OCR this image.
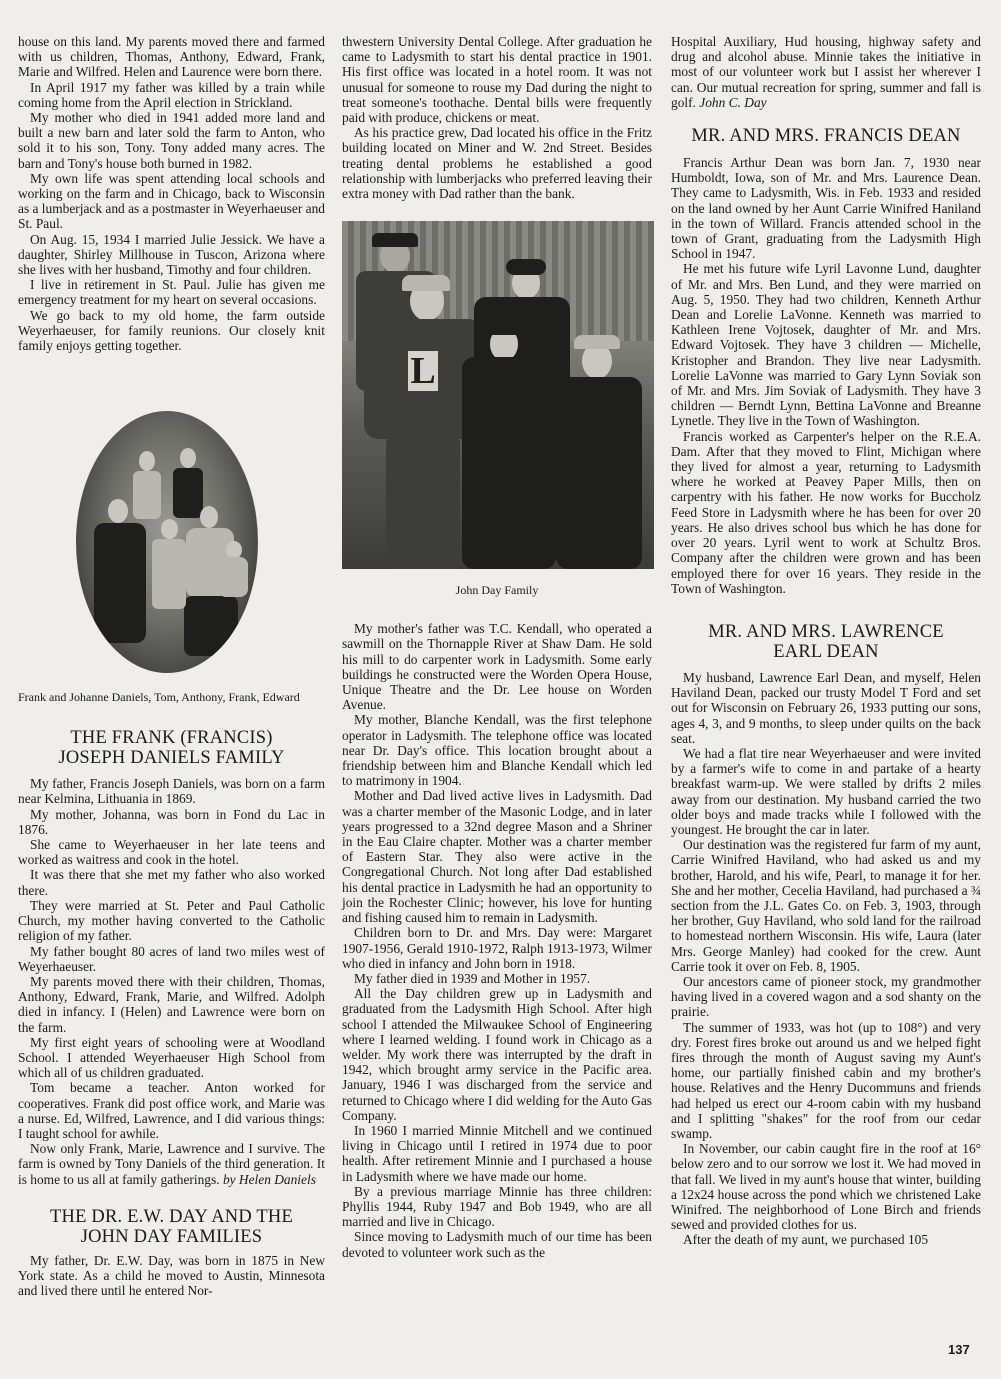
house on this land. My parents moved there and farmed with us children, Thomas, Anthony, Edward, Frank, Marie and Wilfred. Helen and Laurence were born there.

In April 1917 my father was killed by a train while coming home from the April election in Strickland.

My mother who died in 1941 added more land and built a new barn and later sold the farm to Anton, who sold it to his son, Tony. Tony added many acres. The barn and Tony's house both burned in 1982.

My own life was spent attending local schools and working on the farm and in Chicago, back to Wisconsin as a lumberjack and as a postmaster in Weyerhaeuser and St. Paul.

On Aug. 15, 1934 I married Julie Jessick. We have a daughter, Shirley Millhouse in Tuscon, Arizona where she lives with her husband, Timothy and four children.

I live in retirement in St. Paul. Julie has given me emergency treatment for my heart on several occasions.

We go back to my old home, the farm outside Weyerhaeuser, for family reunions. Our closely knit family enjoys getting together.

Frank and Johanne Daniels, Tom, Anthony, Frank, Edward
THE FRANK (FRANCIS)
JOSEPH DANIELS FAMILY

My father, Francis Joseph Daniels, was born on a farm near Kelmina, Lithuania in 1869.

My mother, Johanna, was born in Fond du Lac in 1876.

She came to Weyerhaeuser in her late teens and worked as waitress and cook in the hotel.

It was there that she met my father who also worked there.

They were married at St. Peter and Paul Catholic Church, my mother having converted to the Catholic religion of my father.

My father bought 80 acres of land two miles west of Weyerhaeuser.

My parents moved there with their children, Thomas, Anthony, Edward, Frank, Marie, and Wilfred. Adolph died in infancy. I (Helen) and Lawrence were born on the farm.

My first eight years of schooling were at Woodland School. I attended Weyerhaeuser High School from which all of us children graduated.

Tom became a teacher. Anton worked for cooperatives. Frank did post office work, and Marie was a nurse. Ed, Wilfred, Lawrence, and I did various things: I taught school for awhile.

Now only Frank, Marie, Lawrence and I survive. The farm is owned by Tony Daniels of the third generation. It is home to us all at family gatherings. by Helen Daniels

THE DR. E.W. DAY AND THE
JOHN DAY FAMILIES

My father, Dr. E.W. Day, was born in 1875 in New York state. As a child he moved to Austin, Minnesota and lived there until he entered Nor-

thwestern University Dental College. After graduation he came to Ladysmith to start his dental practice in 1901. His first office was located in a hotel room. It was not unusual for someone to rouse my Dad during the night to treat someone's toothache. Dental bills were frequently paid with produce, chickens or meat.

As his practice grew, Dad located his office in the Fritz building located on Miner and W. 2nd Street. Besides treating dental problems he established a good relationship with lumberjacks who preferred leaving their extra money with Dad rather than the bank.

L
John Day Family

My mother's father was T.C. Kendall, who operated a sawmill on the Thornapple River at Shaw Dam. He sold his mill to do carpenter work in Ladysmith. Some early buildings he constructed were the Worden Opera House, Unique Theatre and the Dr. Lee house on Worden Avenue.

My mother, Blanche Kendall, was the first telephone operator in Ladysmith. The telephone office was located near Dr. Day's office. This location brought about a friendship between him and Blanche Kendall which led to matrimony in 1904.

Mother and Dad lived active lives in Ladysmith. Dad was a charter member of the Masonic Lodge, and in later years progressed to a 32nd degree Mason and a Shriner in the Eau Claire chapter. Mother was a charter member of Eastern Star. They also were active in the Congregational Church. Not long after Dad established his dental practice in Ladysmith he had an opportunity to join the Rochester Clinic; however, his love for hunting and fishing caused him to remain in Ladysmith.

Children born to Dr. and Mrs. Day were: Margaret 1907-1956, Gerald 1910-1972, Ralph 1913-1973, Wilmer who died in infancy and John born in 1918.

My father died in 1939 and Mother in 1957.

All the Day children grew up in Ladysmith and graduated from the Ladysmith High School. After high school I attended the Milwaukee School of Engineering where I learned welding. I found work in Chicago as a welder. My work there was interrupted by the draft in 1942, which brought army service in the Pacific area. January, 1946 I was discharged from the service and returned to Chicago where I did welding for the Auto Gas Company.

In 1960 I married Minnie Mitchell and we continued living in Chicago until I retired in 1974 due to poor health. After retirement Minnie and I purchased a house in Ladysmith where we have made our home.

By a previous marriage Minnie has three children: Phyllis 1944, Ruby 1947 and Bob 1949, who are all married and live in Chicago.

Since moving to Ladysmith much of our time has been devoted to volunteer work such as the

Hospital Auxiliary, Hud housing, highway safety and drug and alcohol abuse. Minnie takes the initiative in most of our volunteer work but I assist her wherever I can. Our mutual recreation for spring, summer and fall is golf. John C. Day

MR. AND MRS. FRANCIS DEAN

Francis Arthur Dean was born Jan. 7, 1930 near Humboldt, Iowa, son of Mr. and Mrs. Laurence Dean. They came to Ladysmith, Wis. in Feb. 1933 and resided on the land owned by her Aunt Carrie Winifred Haniland in the town of Willard. Francis attended school in the town of Grant, graduating from the Ladysmith High School in 1947.

He met his future wife Lyril Lavonne Lund, daughter of Mr. and Mrs. Ben Lund, and they were married on Aug. 5, 1950. They had two children, Kenneth Arthur Dean and Lorelie LaVonne. Kenneth was married to Kathleen Irene Vojtosek, daughter of Mr. and Mrs. Edward Vojtosek. They have 3 children — Michelle, Kristopher and Brandon. They live near Ladysmith. Lorelie LaVonne was married to Gary Lynn Soviak son of Mr. and Mrs. Jim Soviak of Ladysmith. They have 3 children — Berndt Lynn, Bettina LaVonne and Breanne Lynetle. They live in the Town of Washington.

Francis worked as Carpenter's helper on the R.E.A. Dam. After that they moved to Flint, Michigan where they lived for almost a year, returning to Ladysmith where he worked at Peavey Paper Mills, then on carpentry with his father. He now works for Buccholz Feed Store in Ladysmith where he has been for over 20 years. He also drives school bus which he has done for over 20 years. Lyril went to work at Schultz Bros. Company after the children were grown and has been employed there for over 16 years. They reside in the Town of Washington.

MR. AND MRS. LAWRENCE
EARL DEAN

My husband, Lawrence Earl Dean, and myself, Helen Haviland Dean, packed our trusty Model T Ford and set out for Wisconsin on February 26, 1933 putting our sons, ages 4, 3, and 9 months, to sleep under quilts on the back seat.

We had a flat tire near Weyerhaeuser and were invited by a farmer's wife to come in and partake of a hearty breakfast warm-up. We were stalled by drifts 2 miles away from our destination. My husband carried the two older boys and made tracks while I followed with the youngest. He brought the car in later.

Our destination was the registered fur farm of my aunt, Carrie Winifred Haviland, who had asked us and my brother, Harold, and his wife, Pearl, to manage it for her. She and her mother, Cecelia Haviland, had purchased a ¾ section from the J.L. Gates Co. on Feb. 3, 1903, through her brother, Guy Haviland, who sold land for the railroad to homestead northern Wisconsin. His wife, Laura (later Mrs. George Manley) had cooked for the crew. Aunt Carrie took it over on Feb. 8, 1905.

Our ancestors came of pioneer stock, my grandmother having lived in a covered wagon and a sod shanty on the prairie.

The summer of 1933, was hot (up to 108°) and very dry. Forest fires broke out around us and we helped fight fires through the month of August saving my Aunt's home, our partially finished cabin and my brother's house. Relatives and the Henry Ducommuns and friends had helped us erect our 4-room cabin with my husband and I splitting "shakes" for the roof from our cedar swamp.

In November, our cabin caught fire in the roof at 16° below zero and to our sorrow we lost it. We had moved in that fall. We lived in my aunt's house that winter, building a 12x24 house across the pond which we christened Lake Winifred. The neighborhood of Lone Birch and friends sewed and provided clothes for us.

After the death of my aunt, we purchased 105

137
